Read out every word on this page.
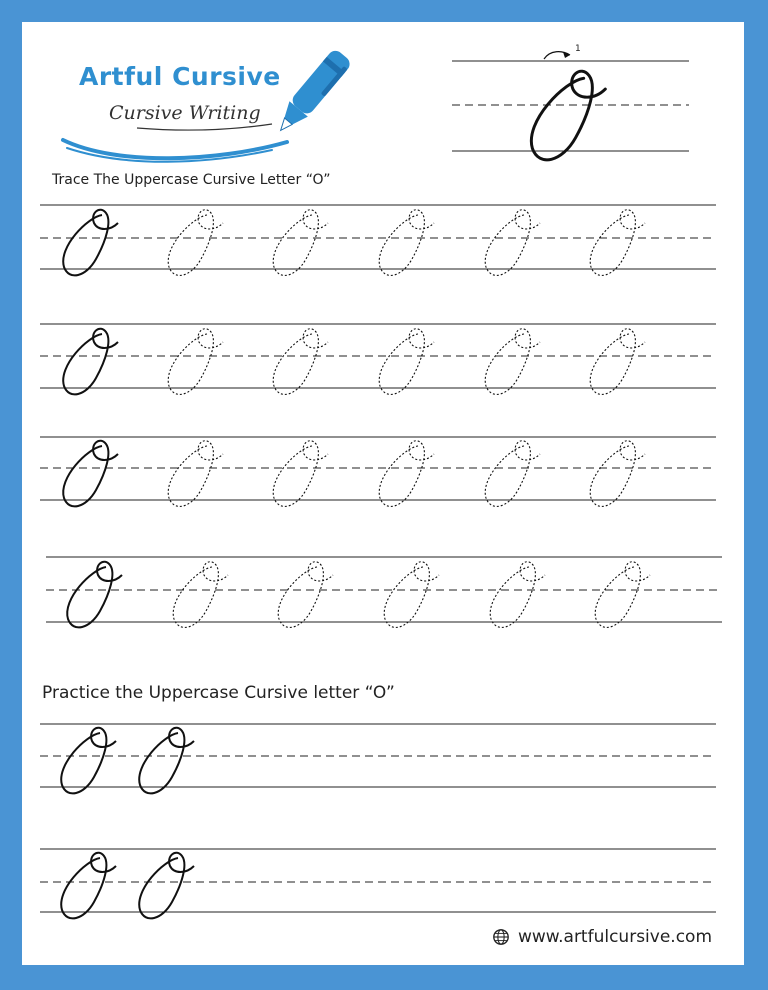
Artful Cursive
Cursive Writing
1
Trace The Uppercase Cursive Letter “O”
Practice the Uppercase Cursive letter “O”
www.artfulcursive.com
